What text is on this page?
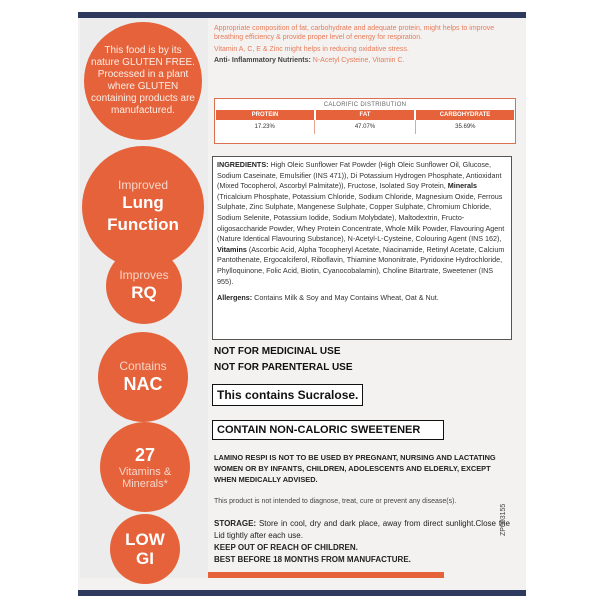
This food is by its nature GLUTEN FREE. Processed in a plant where GLUTEN containing products are manufactured.
Improved
Lung Function
Improves
RQ
Contains
NAC
27
Vitamins & Minerals*
LOW GI
Appropriate composition of fat, carbohydrate and adequate protein, might helps to improve breathing efficiency & provide proper level of energy for respiration.
Vitamin A, C, E & Zinc might helps in reducing oxidative stress.
Anti- Inflammatory Nutrients: N-Acetyl Cysteine, Vitamin C.
CALORIFIC DISTRIBUTION
PROTEIN	FAT	CARBOHYDRATE
17.23%	47.07%	35.69%
INGREDIENTS: High Oleic Sunflower Fat Powder (High Oleic Sunflower Oil, Glucose, Sodium Caseinate, Emulsifier (INS 471)), Di Potassium Hydrogen Phosphate, Antioxidant (Mixed Tocopherol, Ascorbyl Palmitate)), Fructose, Isolated Soy Protein, Minerals (Tricalcium Phosphate, Potassium Chloride, Sodium Chloride, Magnesium Oxide, Ferrous Sulphate, Zinc Sulphate, Mangenese Sulphate, Copper Sulphate, Chromium Chloride, Sodium Selenite, Potassium Iodide, Sodium Molybdate), Maltodextrin, Fructo-oligosaccharide Powder, Whey Protein Concentrate, Whole Milk Powder, Flavouring Agent (Nature Identical Flavouring Substance), N-Acetyl-L-Cysteine, Colouring Agent (INS 162), Vitamins (Ascorbic Acid, Alpha Tocopheryl Acetate, Niacinamide, Retinyl Acetate, Calcium Pantothenate, Ergocalciferol, Riboflavin, Thiamine Mononitrate, Pyridoxine Hydrochloride, Phylloquinone, Folic Acid, Biotin, Cyanocobalamin), Choline Bitartrate, Sweetener (INS 955).
Allergens: Contains Milk & Soy and May Contains Wheat, Oat & Nut.
NOT FOR MEDICINAL USE
NOT FOR PARENTERAL USE
This contains Sucralose.
CONTAIN NON-CALORIC SWEETENER
LAMINO RESPI IS NOT TO BE USED BY PREGNANT, NURSING AND LACTATING WOMEN OR BY INFANTS, CHILDREN, ADOLESCENTS AND ELDERLY, EXCEPT WHEN MEDICALLY ADVISED.
This product is not intended to diagnose, treat, cure or prevent any disease(s).
STORAGE: Store in cool, dry and dark place, away from direct sunlight.Close the Lid tightly after each use.
KEEP OUT OF REACH OF CHILDREN.
BEST BEFORE 18 MONTHS FROM MANUFACTURE.
ZP003155
